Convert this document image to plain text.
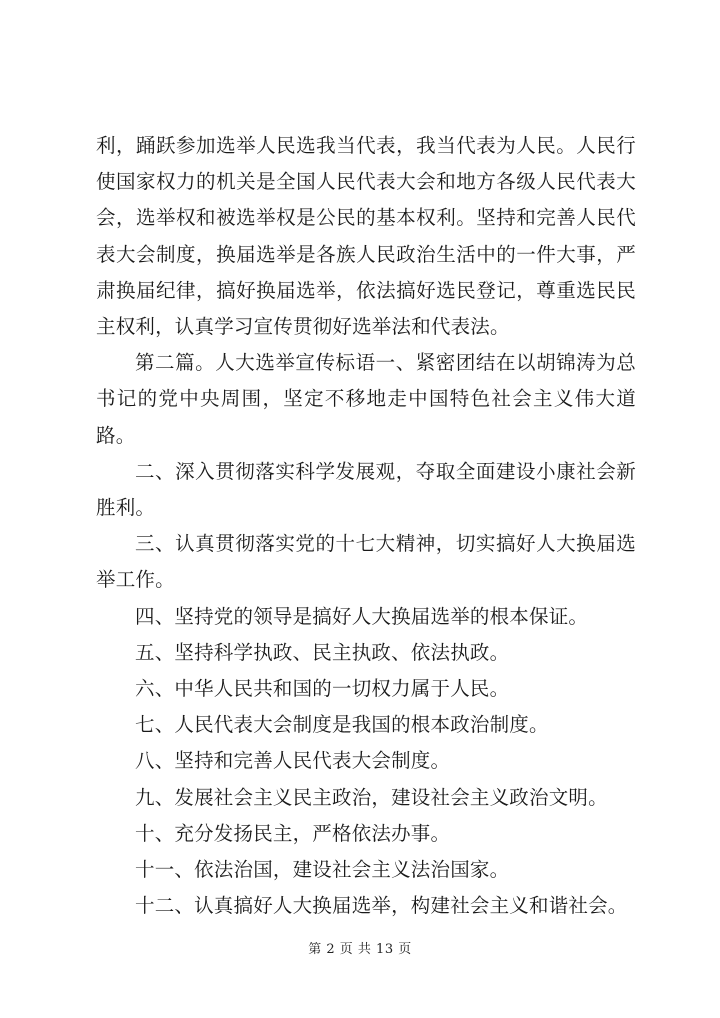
利，踊跃参加选举人民选我当代表，我当代表为人民。人民行使国家权力的机关是全国人民代表大会和地方各级人民代表大会，选举权和被选举权是公民的基本权利。坚持和完善人民代表大会制度，换届选举是各族人民政治生活中的一件大事，严肃换届纪律，搞好换届选举，依法搞好选民登记，尊重选民民主权利，认真学习宣传贯彻好选举法和代表法。

第二篇。人大选举宣传标语一、紧密团结在以胡锦涛为总书记的党中央周围，坚定不移地走中国特色社会主义伟大道路。

二、深入贯彻落实科学发展观，夺取全面建设小康社会新胜利。

三、认真贯彻落实党的十七大精神，切实搞好人大换届选举工作。

四、坚持党的领导是搞好人大换届选举的根本保证。

五、坚持科学执政、民主执政、依法执政。

六、中华人民共和国的一切权力属于人民。

七、人民代表大会制度是我国的根本政治制度。

八、坚持和完善人民代表大会制度。

九、发展社会主义民主政治，建设社会主义政治文明。

十、充分发扬民主，严格依法办事。

十一、依法治国，建设社会主义法治国家。

十二、认真搞好人大换届选举，构建社会主义和谐社会。

第 2 页 共 13 页
